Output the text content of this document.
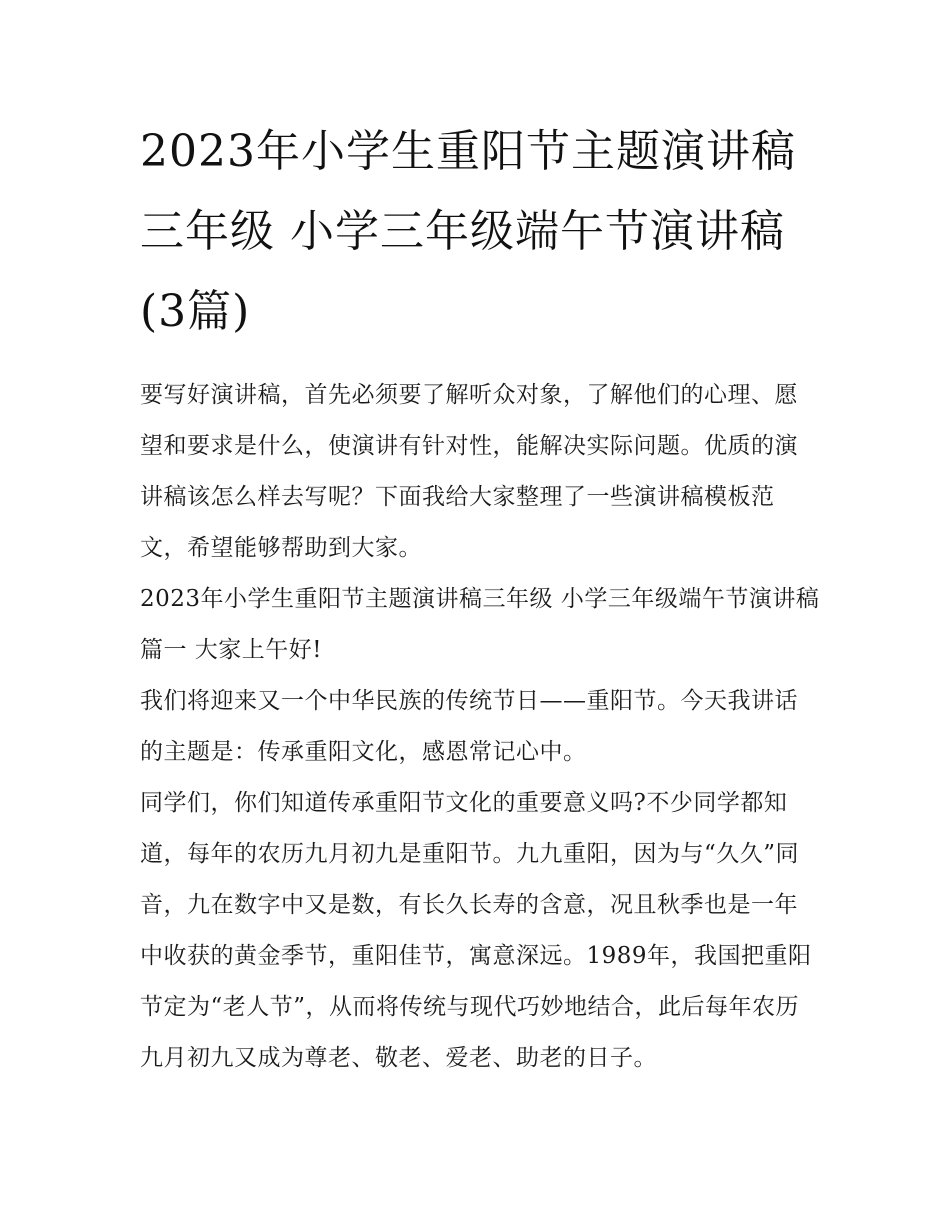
2023年小学生重阳节主题演讲稿三年级 小学三年级端午节演讲稿(3篇)

要写好演讲稿，首先必须要了解听众对象，了解他们的心理、愿望和要求是什么，使演讲有针对性，能解决实际问题。优质的演讲稿该怎么样去写呢？下面我给大家整理了一些演讲稿模板范文，希望能够帮助到大家。

2023年小学生重阳节主题演讲稿三年级 小学三年级端午节演讲稿篇一 大家上午好!

我们将迎来又一个中华民族的传统节日——重阳节。今天我讲话的主题是：传承重阳文化，感恩常记心中。

同学们，你们知道传承重阳节文化的重要意义吗?不少同学都知道，每年的农历九月初九是重阳节。九九重阳，因为与“久久”同音，九在数字中又是数，有长久长寿的含意，况且秋季也是一年中收获的黄金季节，重阳佳节，寓意深远。1989年，我国把重阳节定为“老人节”，从而将传统与现代巧妙地结合，此后每年农历九月初九又成为尊老、敬老、爱老、助老的日子。
